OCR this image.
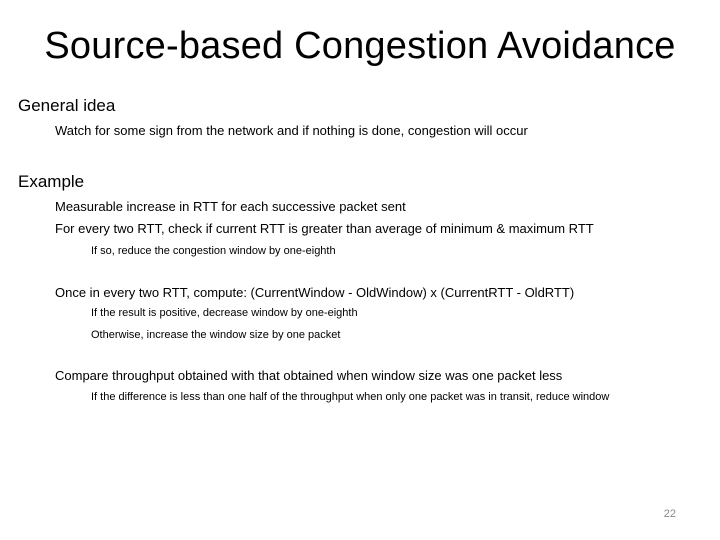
Source-based Congestion Avoidance
General idea
Watch for some sign from the network and if nothing is done, congestion will occur
Example
Measurable increase in RTT for each successive packet sent
For every two RTT, check if current RTT is greater than average of minimum & maximum RTT
If so, reduce the congestion window by one-eighth
Once in every two RTT, compute: (CurrentWindow - OldWindow) x (CurrentRTT - OldRTT)
If the result is positive, decrease window by one-eighth
Otherwise, increase the window size by one packet
Compare throughput obtained with that obtained when window size was one packet less
If the difference is less than one half of the throughput when only one packet was in transit, reduce window
22
